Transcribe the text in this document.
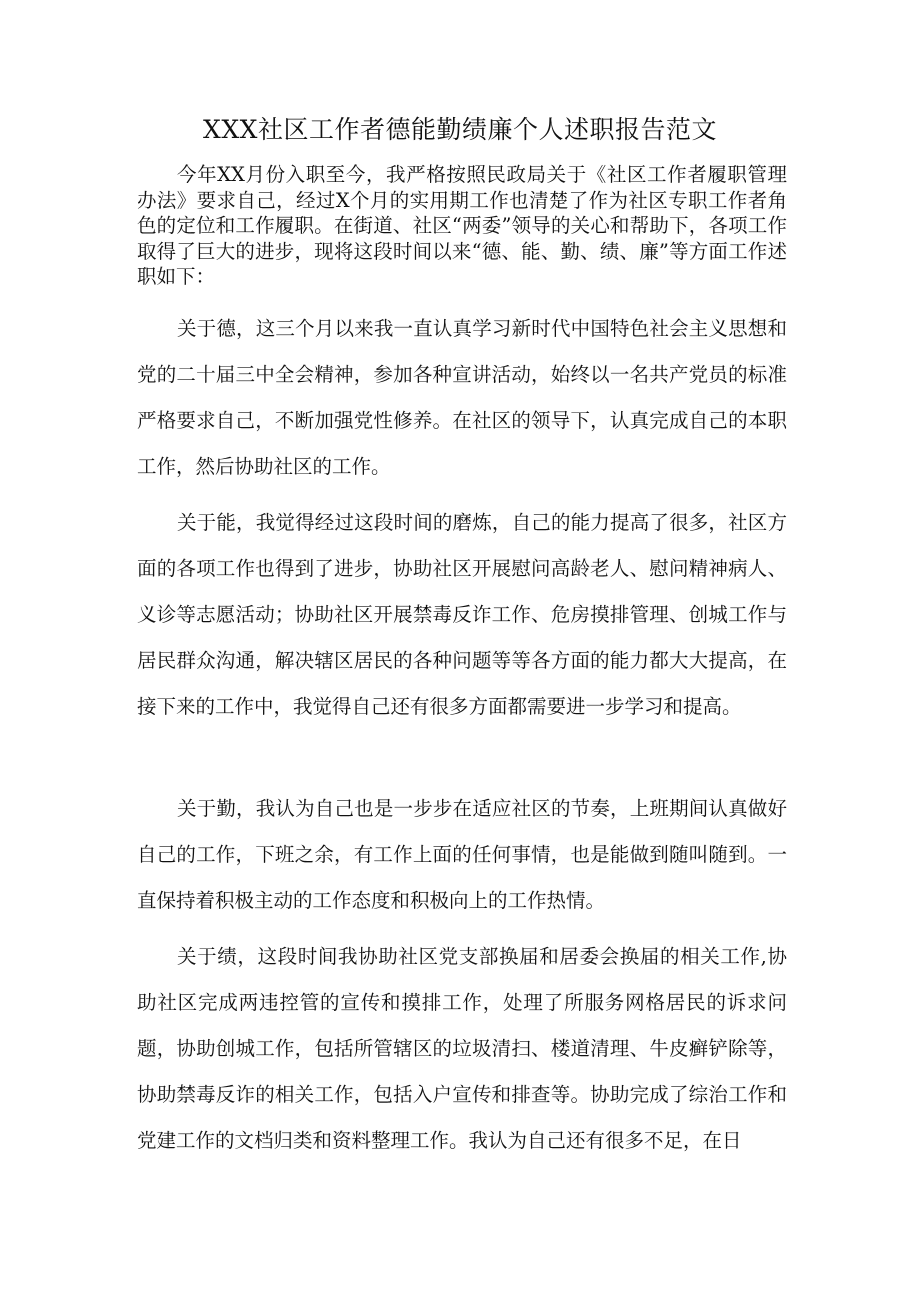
XXX社区工作者德能勤绩廉个人述职报告范文

今年XX月份入职至今，我严格按照民政局关于《社区工作者履职管理办法》要求自己，经过X个月的实用期工作也清楚了作为社区专职工作者角色的定位和工作履职。在街道、社区“两委”领导的关心和帮助下，各项工作取得了巨大的进步，现将这段时间以来“德、能、勤、绩、廉”等方面工作述职如下：

关于德，这三个月以来我一直认真学习新时代中国特色社会主义思想和党的二十届三中全会精神，参加各种宣讲活动，始终以一名共产党员的标准严格要求自己，不断加强党性修养。在社区的领导下，认真完成自己的本职工作，然后协助社区的工作。

关于能，我觉得经过这段时间的磨炼，自己的能力提高了很多，社区方面的各项工作也得到了进步，协助社区开展慰问高龄老人、慰问精神病人、义诊等志愿活动；协助社区开展禁毒反诈工作、危房摸排管理、创城工作与居民群众沟通，解决辖区居民的各种问题等等各方面的能力都大大提高，在接下来的工作中，我觉得自己还有很多方面都需要进一步学习和提高。

关于勤，我认为自己也是一步步在适应社区的节奏，上班期间认真做好自己的工作，下班之余，有工作上面的任何事情，也是能做到随叫随到。一直保持着积极主动的工作态度和积极向上的工作热情。

关于绩，这段时间我协助社区党支部换届和居委会换届的相关工作,协助社区完成两违控管的宣传和摸排工作，处理了所服务网格居民的诉求问题，协助创城工作，包括所管辖区的垃圾清扫、楼道清理、牛皮癣铲除等，协助禁毒反诈的相关工作，包括入户宣传和排查等。协助完成了综治工作和党建工作的文档归类和资料整理工作。我认为自己还有很多不足，在日
